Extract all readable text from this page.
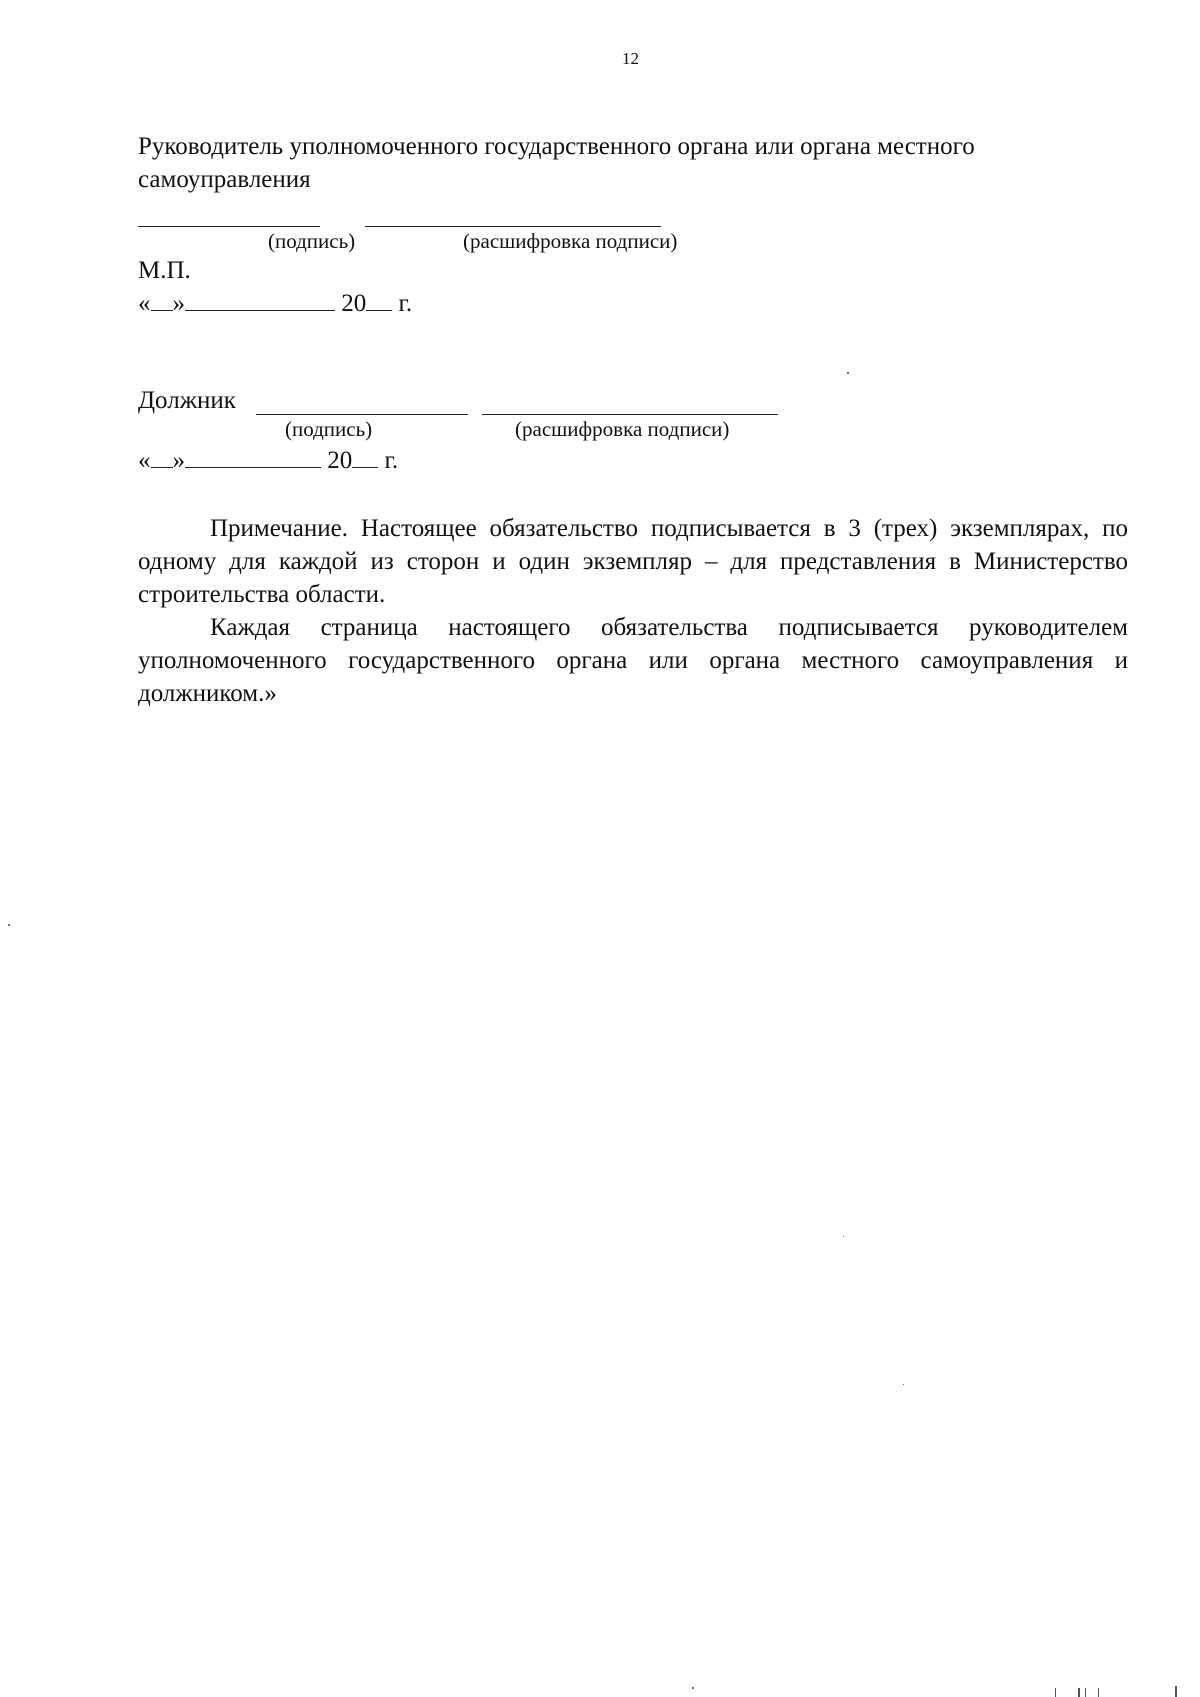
12
Руководитель уполномоченного государственного органа или органа местного самоуправления
(подпись)	(расшифровка подписи)
М.П.
« »	20 г.
Должник
(подпись)	(расшифровка подписи)
« »	20 г.
Примечание. Настоящее обязательство подписывается в 3 (трех) экземплярах, по одному для каждой из сторон и один экземпляр – для представления в Министерство строительства области.
Каждая страница настоящего обязательства подписывается руководителем уполномоченного государственного органа или органа местного самоуправления и должником.»
